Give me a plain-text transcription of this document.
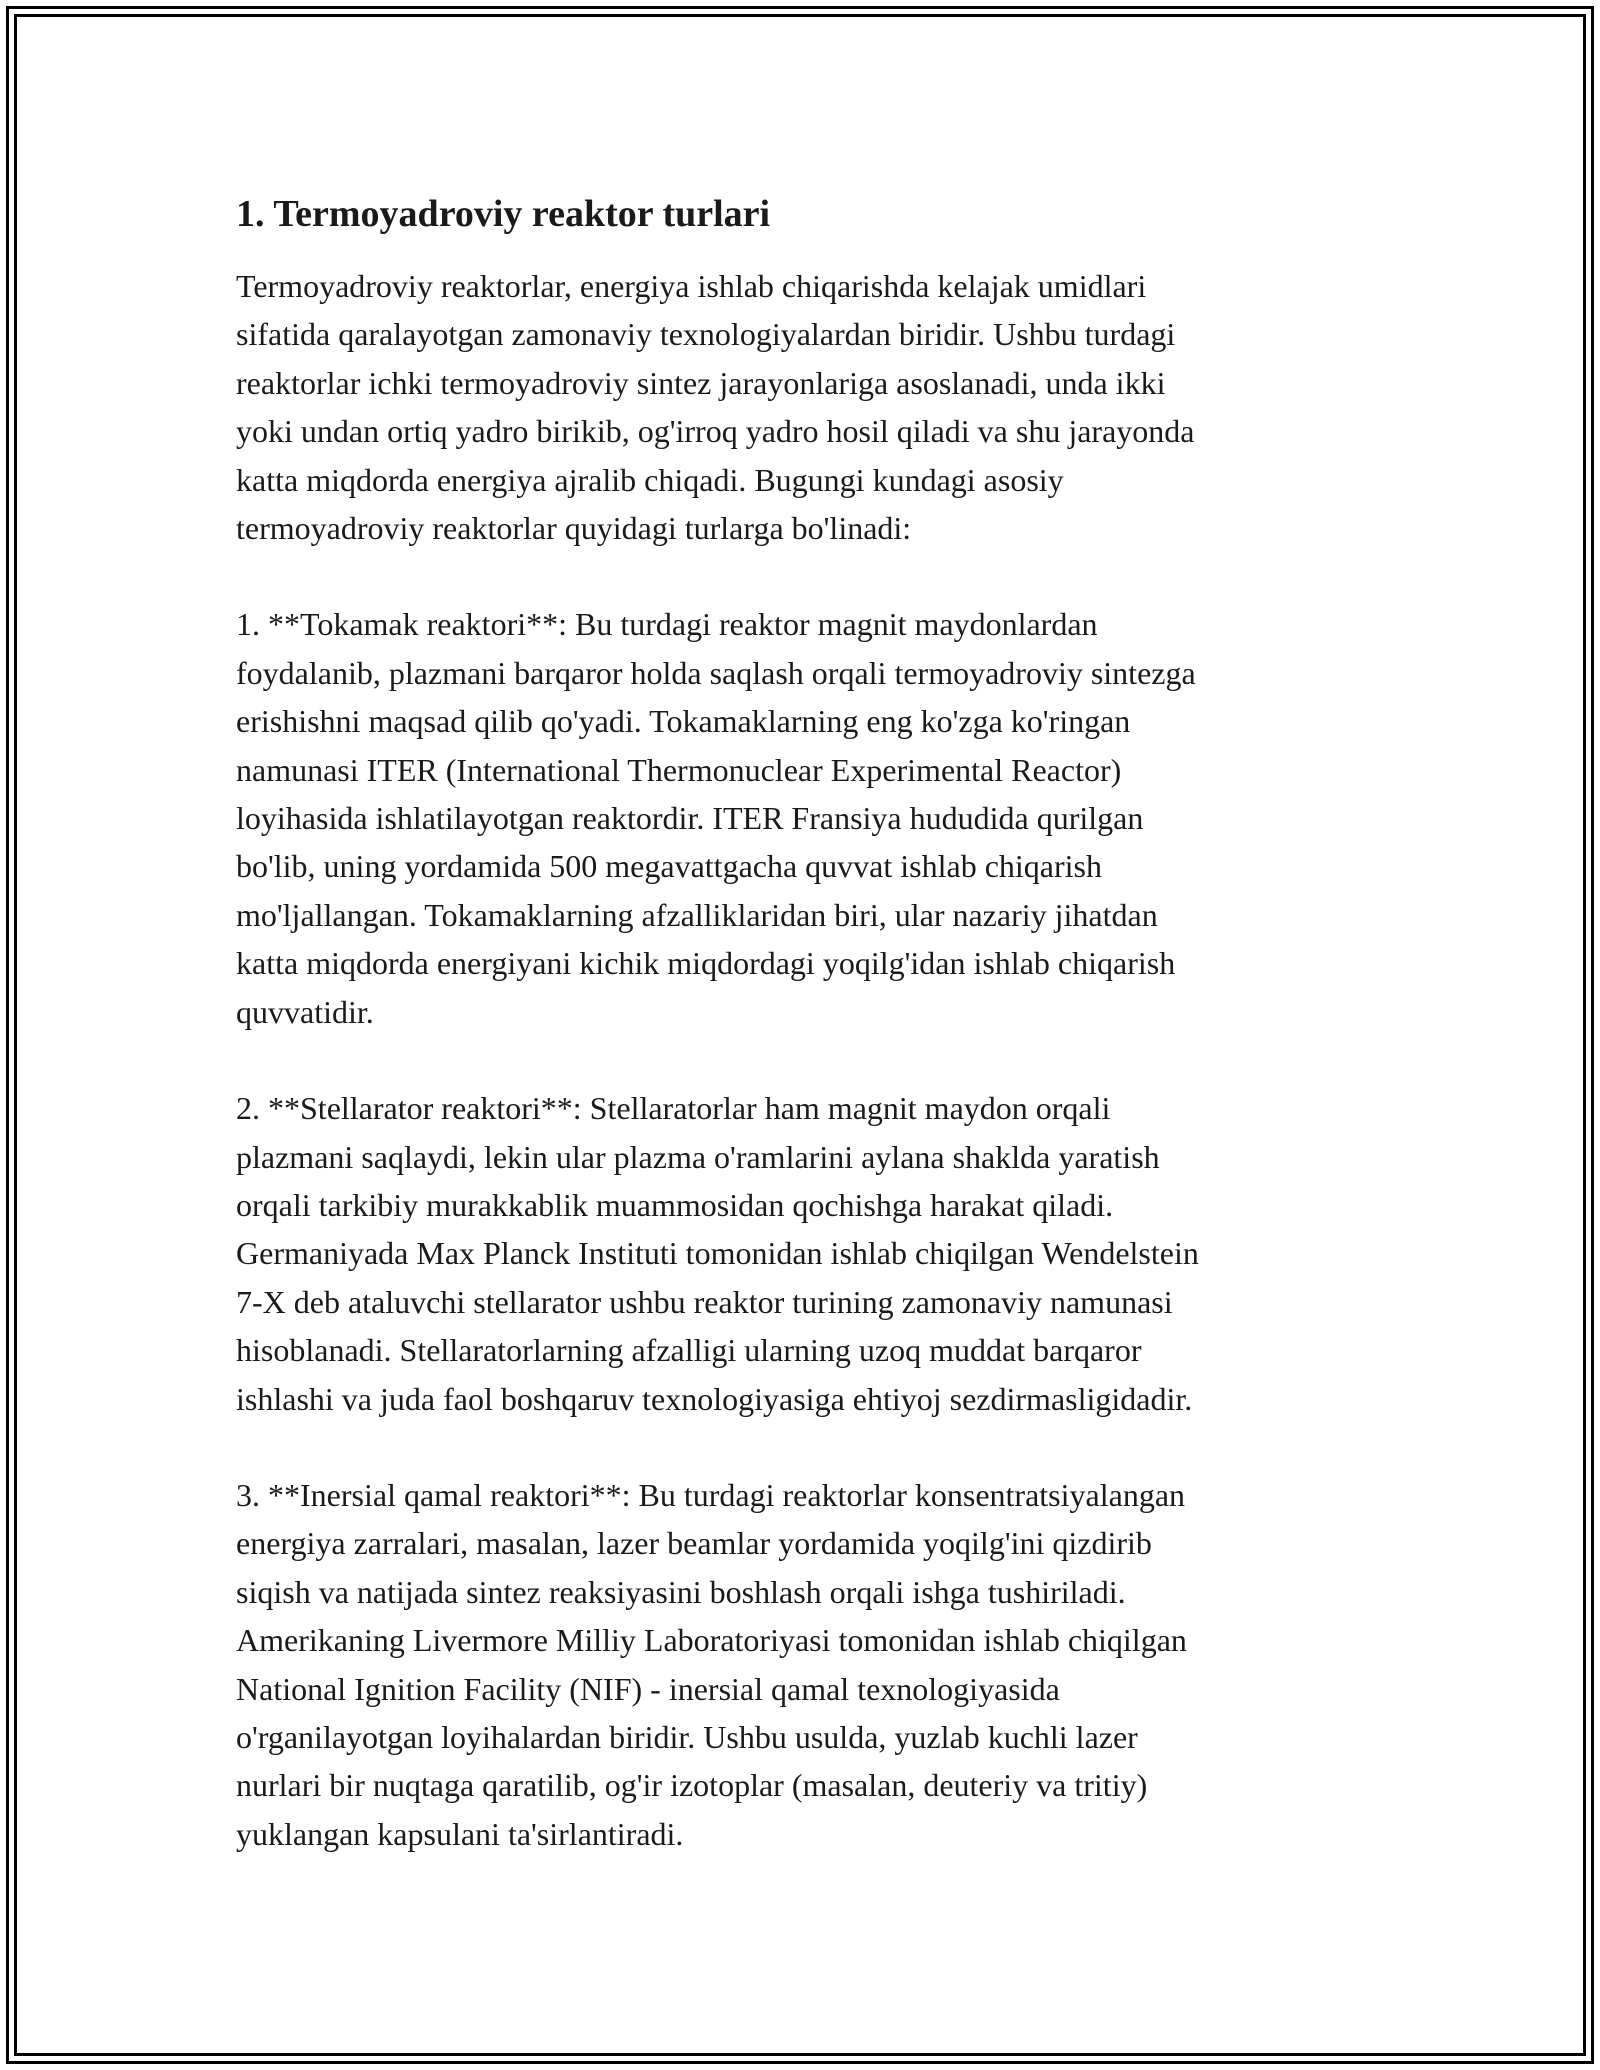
1. Termoyadroviy reaktor turlari

Termoyadroviy reaktorlar, energiya ishlab chiqarishda kelajak umidlari
sifatida qaralayotgan zamonaviy texnologiyalardan biridir. Ushbu turdagi
reaktorlar ichki termoyadroviy sintez jarayonlariga asoslanadi, unda ikki
yoki undan ortiq yadro birikib, og'irroq yadro hosil qiladi va shu jarayonda
katta miqdorda energiya ajralib chiqadi. Bugungi kundagi asosiy
termoyadroviy reaktorlar quyidagi turlarga bo'linadi:

1. **Tokamak reaktori**: Bu turdagi reaktor magnit maydonlardan
foydalanib, plazmani barqaror holda saqlash orqali termoyadroviy sintezga
erishishni maqsad qilib qo'yadi. Tokamaklarning eng ko'zga ko'ringan
namunasi ITER (International Thermonuclear Experimental Reactor)
loyihasida ishlatilayotgan reaktordir. ITER Fransiya hududida qurilgan
bo'lib, uning yordamida 500 megavattgacha quvvat ishlab chiqarish
mo'ljallangan. Tokamaklarning afzalliklaridan biri, ular nazariy jihatdan
katta miqdorda energiyani kichik miqdordagi yoqilg'idan ishlab chiqarish
quvvatidir.

2. **Stellarator reaktori**: Stellaratorlar ham magnit maydon orqali
plazmani saqlaydi, lekin ular plazma o'ramlarini aylana shaklda yaratish
orqali tarkibiy murakkablik muammosidan qochishga harakat qiladi.
Germaniyada Max Planck Instituti tomonidan ishlab chiqilgan Wendelstein
7-X deb ataluvchi stellarator ushbu reaktor turining zamonaviy namunasi
hisoblanadi. Stellaratorlarning afzalligi ularning uzoq muddat barqaror
ishlashi va juda faol boshqaruv texnologiyasiga ehtiyoj sezdirmasligidadir.

3. **Inersial qamal reaktori**: Bu turdagi reaktorlar konsentratsiyalangan
energiya zarralari, masalan, lazer beamlar yordamida yoqilg'ini qizdirib
siqish va natijada sintez reaksiyasini boshlash orqali ishga tushiriladi.
Amerikaning Livermore Milliy Laboratoriyasi tomonidan ishlab chiqilgan
National Ignition Facility (NIF) - inersial qamal texnologiyasida
o'rganilayotgan loyihalardan biridir. Ushbu usulda, yuzlab kuchli lazer
nurlari bir nuqtaga qaratilib, og'ir izotoplar (masalan, deuteriy va tritiy)
yuklangan kapsulani ta'sirlantiradi.
